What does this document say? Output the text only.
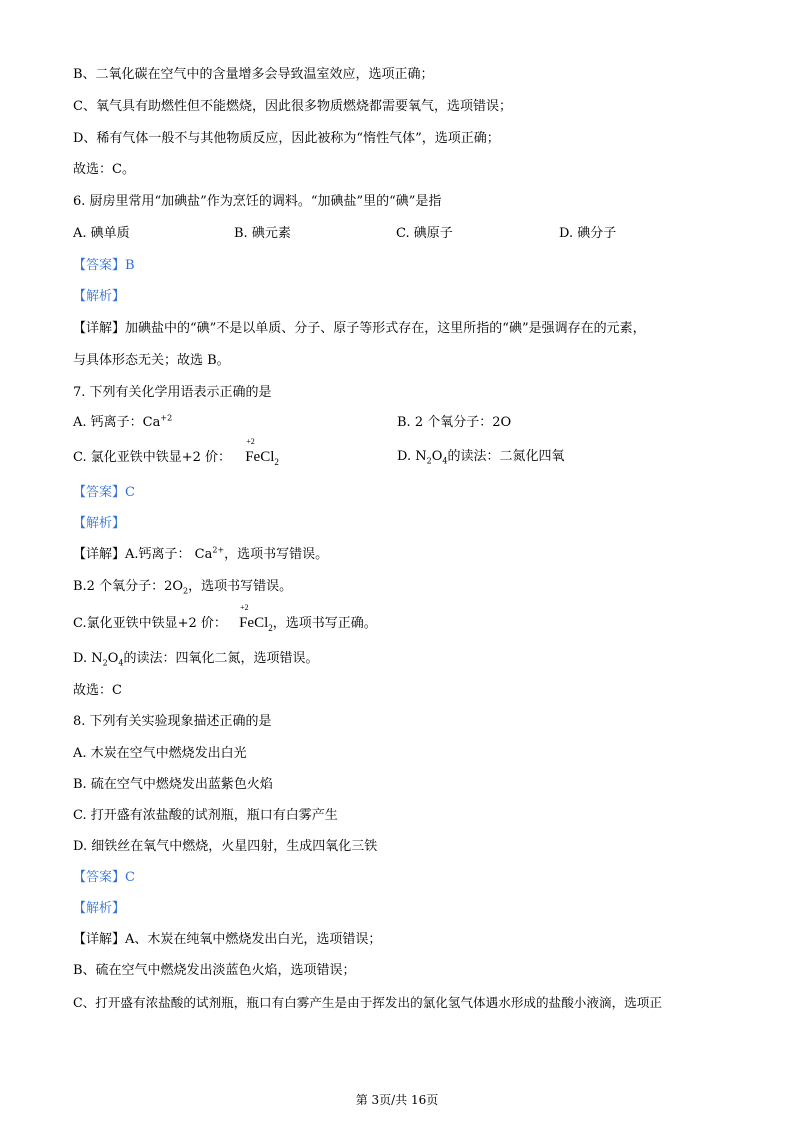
B、二氧化碳在空气中的含量增多会导致温室效应，选项正确；
C、氧气具有助燃性但不能燃烧，因此很多物质燃烧都需要氧气，选项错误；
D、稀有气体一般不与其他物质反应，因此被称为“惰性气体”，选项正确；
故选：C。
6. 厨房里常用“加碘盐”作为烹饪的调料。“加碘盐”里的“碘”是指
A. 碘单质	B. 碘元素	C. 碘原子	D. 碘分子
【答案】B
【解析】
【详解】加碘盐中的“碘”不是以单质、分子、原子等形式存在，这里所指的“碘”是强调存在的元素，
与具体形态无关；故选 B。
7. 下列有关化学用语表示正确的是
A. 钙离子：$Ca^{+2}$	B. 2 个氧分子：2O
C. 氯化亚铁中铁显+2 价：
+2
FeCl$_2$	D. $N_2O_4$的读法：二氮化四氧
【答案】C
【解析】
【详解】A.钙离子： $Ca^{2+}$，选项书写错误。
B.2 个氧分子：$2O_2$，选项书写错误。
C.氯化亚铁中铁显+2 价：
+2
FeCl$_2$，选项书写正确。
D. $N_2O_4$的读法：四氧化二氮，选项错误。
故选：C
8. 下列有关实验现象描述正确的是
A. 木炭在空气中燃烧发出白光
B. 硫在空气中燃烧发出蓝紫色火焰
C. 打开盛有浓盐酸的试剂瓶，瓶口有白雾产生
D. 细铁丝在氧气中燃烧，火星四射，生成四氧化三铁
【答案】C
【解析】
【详解】A、木炭在纯氧中燃烧发出白光，选项错误；
B、硫在空气中燃烧发出淡蓝色火焰，选项错误；
C、打开盛有浓盐酸的试剂瓶，瓶口有白雾产生是由于挥发出的氯化氢气体遇水形成的盐酸小液滴，选项正
第 3页/共 16页
